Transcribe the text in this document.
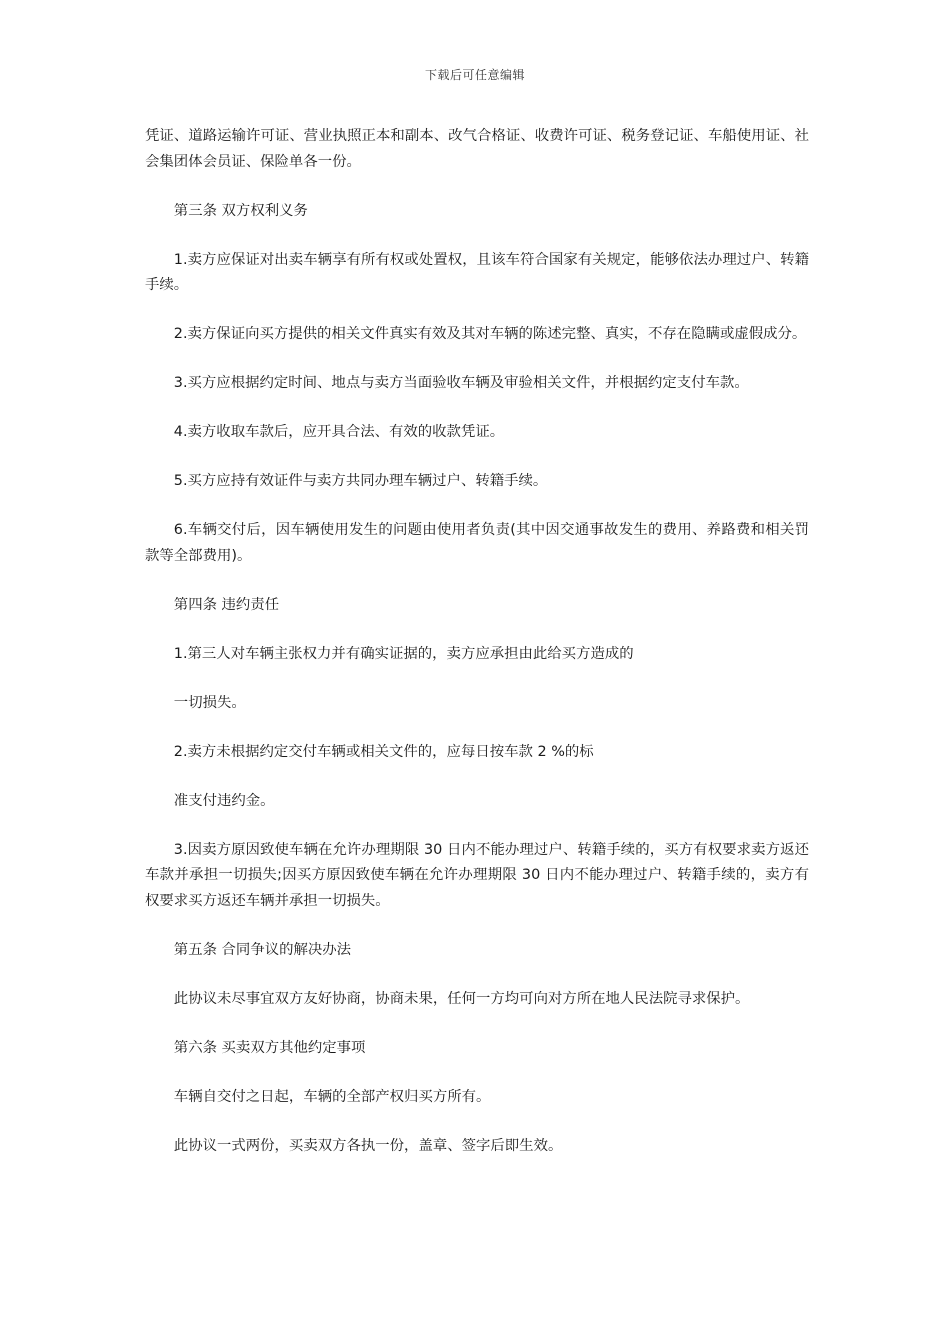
下载后可任意编辑

凭证、道路运输许可证、营业执照正本和副本、改气合格证、收费许可证、税务登记证、车船使用证、社会集团体会员证、保险单各一份。

第三条 双方权利义务

1.卖方应保证对出卖车辆享有所有权或处置权，且该车符合国家有关规定，能够依法办理过户、转籍手续。

2.卖方保证向买方提供的相关文件真实有效及其对车辆的陈述完整、真实，不存在隐瞒或虚假成分。

3.买方应根据约定时间、地点与卖方当面验收车辆及审验相关文件，并根据约定支付车款。

4.卖方收取车款后，应开具合法、有效的收款凭证。

5.买方应持有效证件与卖方共同办理车辆过户、转籍手续。

6.车辆交付后，因车辆使用发生的问题由使用者负责(其中因交通事故发生的费用、养路费和相关罚款等全部费用)。

第四条 违约责任

1.第三人对车辆主张权力并有确实证据的，卖方应承担由此给买方造成的

一切损失。

2.卖方未根据约定交付车辆或相关文件的，应每日按车款 2 %的标

准支付违约金。

3.因卖方原因致使车辆在允许办理期限 30 日内不能办理过户、转籍手续的，买方有权要求卖方返还车款并承担一切损失;因买方原因致使车辆在允许办理期限 30 日内不能办理过户、转籍手续的，卖方有权要求买方返还车辆并承担一切损失。

第五条 合同争议的解决办法

此协议未尽事宜双方友好协商，协商未果，任何一方均可向对方所在地人民法院寻求保护。

第六条 买卖双方其他约定事项

车辆自交付之日起，车辆的全部产权归买方所有。

此协议一式两份，买卖双方各执一份，盖章、签字后即生效。
